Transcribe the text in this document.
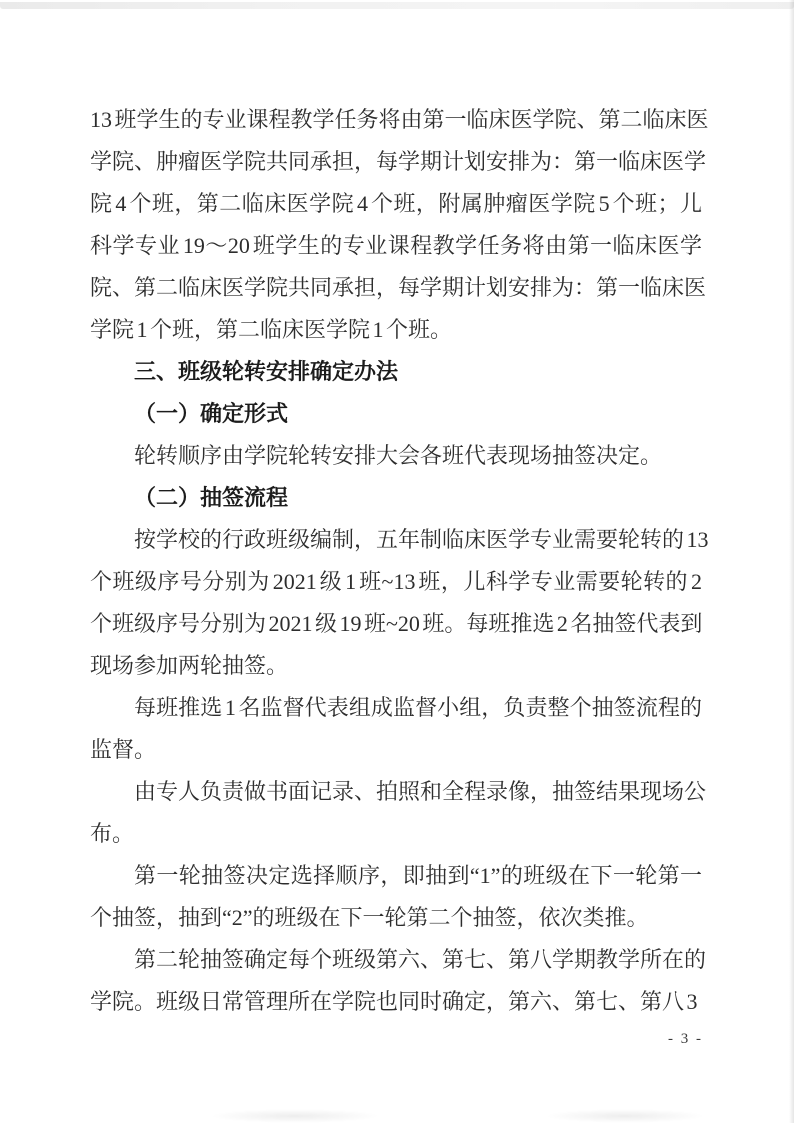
13 班学生的专业课程教学任务将由第一临床医学院、第二临床医
学院、肿瘤医学院共同承担，每学期计划安排为：第一临床医学
院 4 个班，第二临床医学院 4 个班，附属肿瘤医学院 5 个班；儿
科学专业 19～20 班学生的专业课程教学任务将由第一临床医学
院、第二临床医学院共同承担，每学期计划安排为：第一临床医
学院 1 个班，第二临床医学院 1 个班。
三、班级轮转安排确定办法
（一）确定形式
轮转顺序由学院轮转安排大会各班代表现场抽签决定。
（二）抽签流程
按学校的行政班级编制，五年制临床医学专业需要轮转的 13
个班级序号分别为 2021 级 1 班~13 班，儿科学专业需要轮转的 2
个班级序号分别为 2021 级 19 班~20 班。每班推选 2 名抽签代表到
现场参加两轮抽签。
每班推选 1 名监督代表组成监督小组，负责整个抽签流程的
监督。
由专人负责做书面记录、拍照和全程录像，抽签结果现场公
布。
第一轮抽签决定选择顺序，即抽到“1”的班级在下一轮第一
个抽签，抽到“2”的班级在下一轮第二个抽签，依次类推。
第二轮抽签确定每个班级第六、第七、第八学期教学所在的
学院。班级日常管理所在学院也同时确定，第六、第七、第八 3
- 3 -
